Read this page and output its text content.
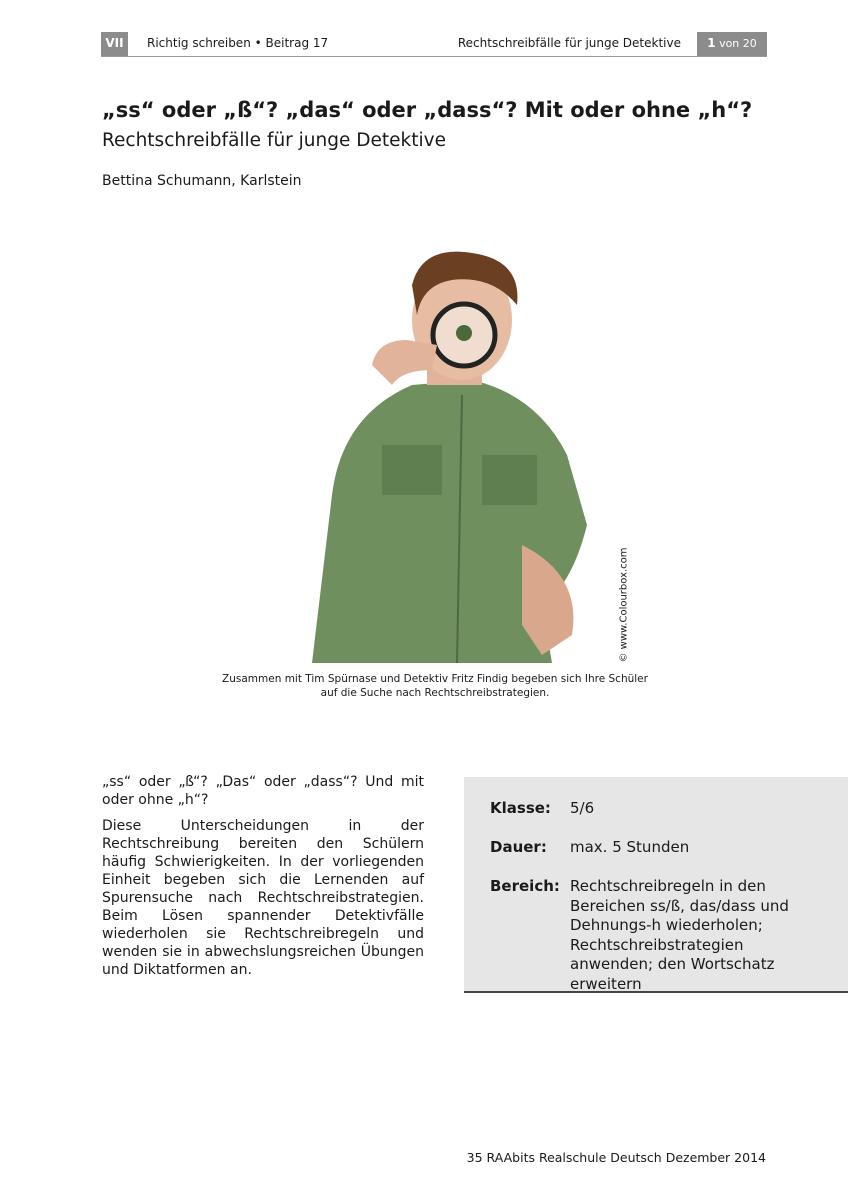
VII	Richtig schreiben • Beitrag 17	Rechtschreibfälle für junge Detektive	1 von 20
„ss“ oder „ß“? „das“ oder „dass“? Mit oder ohne „h“?
Rechtschreibfälle für junge Detektive
Bettina Schumann, Karlstein
© www.Colourbox.com
Zusammen mit Tim Spürnase und Detektiv Fritz Findig begeben sich Ihre Schüler
auf die Suche nach Rechtschreibstrategien.

„ss“ oder „ß“? „Das“ oder „dass“? Und mit oder ohne „h“?

Diese Unterscheidungen in der Rechtschreibung bereiten den Schülern häufig Schwierigkeiten. In der vorliegenden Einheit begeben sich die Lernenden auf Spurensuche nach Rechtschreibstrategien. Beim Lösen spannender Detektivfälle wiederholen sie Rechtschreibregeln und wenden sie in abwechslungsreichen Übungen und Diktatformen an.

Klasse:	5/6
Dauer:	max. 5 Stunden
Bereich: Rechtschreibregeln in den Bereichen ss/ß, das/dass und Dehnungs-h wiederholen; Rechtschreibstrategien anwenden; den Wortschatz erweitern
35 RAAbits Realschule Deutsch Dezember 2014
